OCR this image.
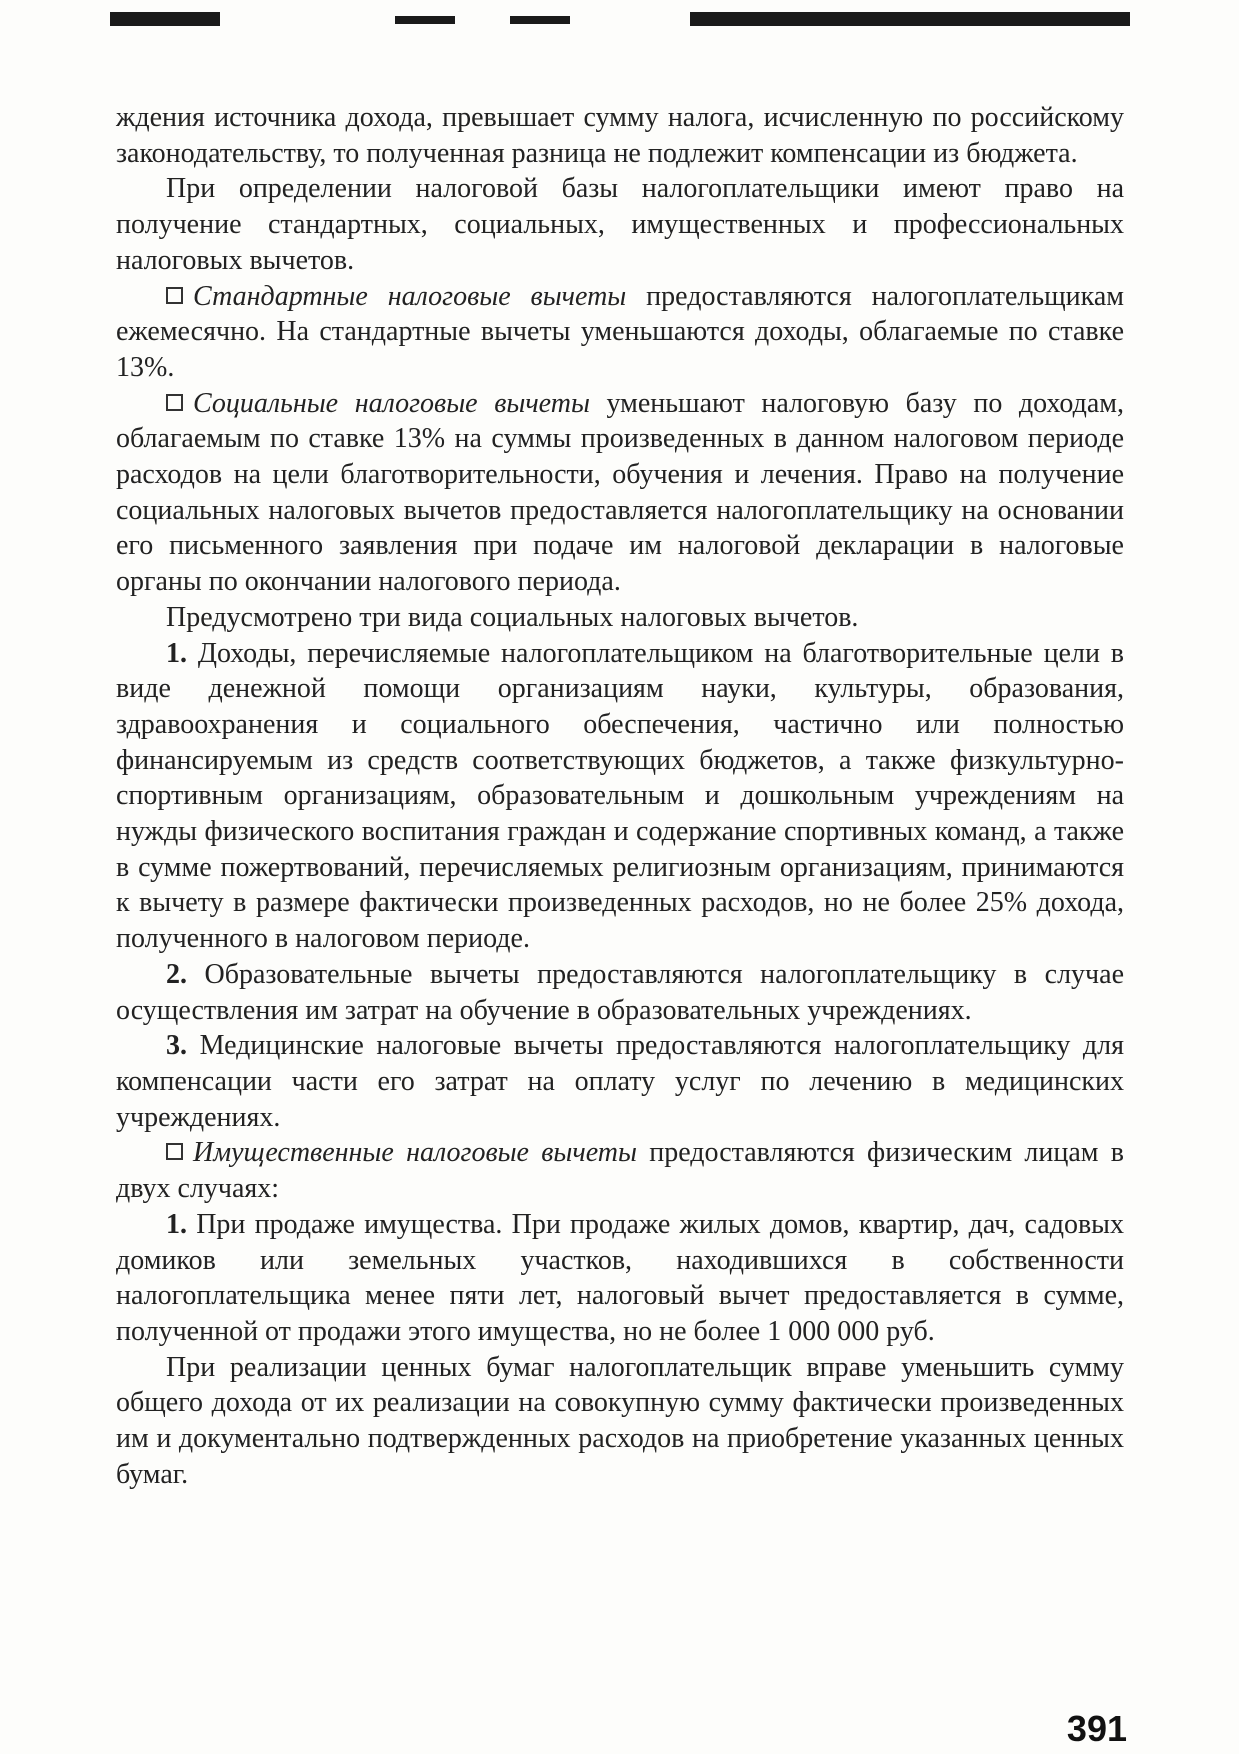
ждения источника дохода, превышает сумму налога, исчисленную по российскому законодательству, то полученная разница не подлежит компенсации из бюджета.

При определении налоговой базы налогоплательщики имеют право на получение стандартных, социальных, имущественных и профессиональных налоговых вычетов.

Стандартные налоговые вычеты предоставляются налогоплательщикам ежемесячно. На стандартные вычеты уменьшаются доходы, облагаемые по ставке 13%.

Социальные налоговые вычеты уменьшают налоговую базу по доходам, облагаемым по ставке 13% на суммы произведенных в данном налоговом периоде расходов на цели благотворительности, обучения и лечения. Право на получение социальных налоговых вычетов предоставляется налогоплательщику на основании его письменного заявления при подаче им налоговой декларации в налоговые органы по окончании налогового периода.

Предусмотрено три вида социальных налоговых вычетов.

1. Доходы, перечисляемые налогоплательщиком на благотворительные цели в виде денежной помощи организациям науки, культуры, образования, здравоохранения и социального обеспечения, частично или полностью финансируемым из средств соответствующих бюджетов, а также физкультурно-спортивным организациям, образовательным и дошкольным учреждениям на нужды физического воспитания граждан и содержание спортивных команд, а также в сумме пожертвований, перечисляемых религиозным организациям, принимаются к вычету в размере фактически произведенных расходов, но не более 25% дохода, полученного в налоговом периоде.

2. Образовательные вычеты предоставляются налогоплательщику в случае осуществления им затрат на обучение в образовательных учреждениях.

3. Медицинские налоговые вычеты предоставляются налогоплательщику для компенсации части его затрат на оплату услуг по лечению в медицинских учреждениях.

Имущественные налоговые вычеты предоставляются физическим лицам в двух случаях:

1. При продаже имущества. При продаже жилых домов, квартир, дач, садовых домиков или земельных участков, находившихся в собственности налогоплательщика менее пяти лет, налоговый вычет предоставляется в сумме, полученной от продажи этого имущества, но не более 1 000 000 руб.

При реализации ценных бумаг налогоплательщик вправе уменьшить сумму общего дохода от их реализации на совокупную сумму фактически произведенных им и документально подтвержденных расходов на приобретение указанных ценных бумаг.

391
